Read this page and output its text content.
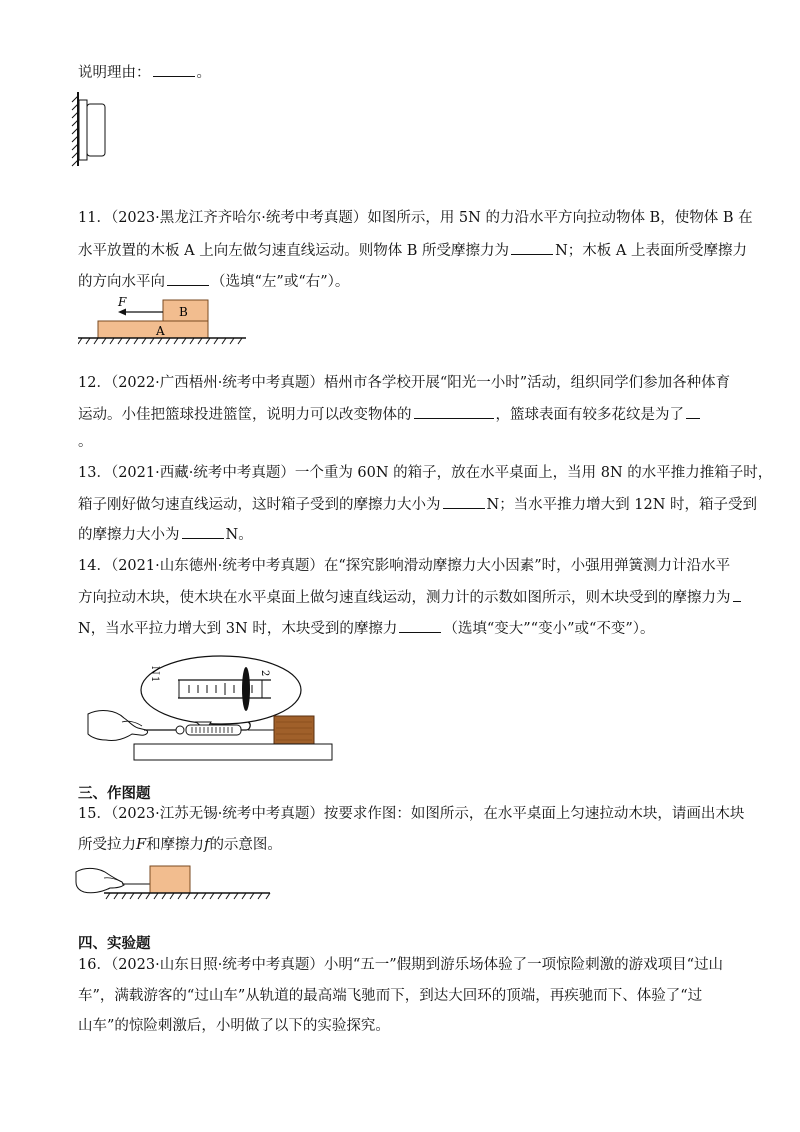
说明理由：	。
11．（2023·黑龙江齐齐哈尔·统考中考真题）如图所示，用 5N 的力沿水平方向拉动物体 B，使物体 B 在
水平放置的木板 A 上向左做匀速直线运动。则物体 B 所受摩擦力为	N；木板 A 上表面所受摩擦力
的方向水平向	（选填“左”或“右”）。
F
B
A
12．（2022·广西梧州·统考中考真题）梧州市各学校开展“阳光一小时”活动，组织同学们参加各种体育
运动。小佳把篮球投进篮筐，说明力可以改变物体的	，篮球表面有较多花纹是为了
。
13．（2021·西藏·统考中考真题）一个重为 60N 的箱子，放在水平桌面上，当用 8N 的水平推力推箱子时，
箱子刚好做匀速直线运动，这时箱子受到的摩擦力大小为	N；当水平推力增大到 12N 时，箱子受到
的摩擦力大小为	N。
14．（2021·山东德州·统考中考真题）在“探究影响滑动摩擦力大小因素”时，小强用弹簧测力计沿水平
方向拉动木块，使木块在水平桌面上做匀速直线运动，测力计的示数如图所示，则木块受到的摩擦力为
N，当水平拉力增大到 3N 时，木块受到的摩擦力	（选填“变大”“变小”或“不变”）。
N
1
2
三、作图题
15．（2023·江苏无锡·统考中考真题）按要求作图：如图所示，在水平桌面上匀速拉动木块，请画出木块
所受拉力F和摩擦力f的示意图。
四、实验题
16．（2023·山东日照·统考中考真题）小明“五一”假期到游乐场体验了一项惊险刺激的游戏项目“过山
车”，满载游客的“过山车”从轨道的最高端飞驰而下，到达大回环的顶端，再疾驰而下、体验了“过
山车”的惊险刺激后，小明做了以下的实验探究。
